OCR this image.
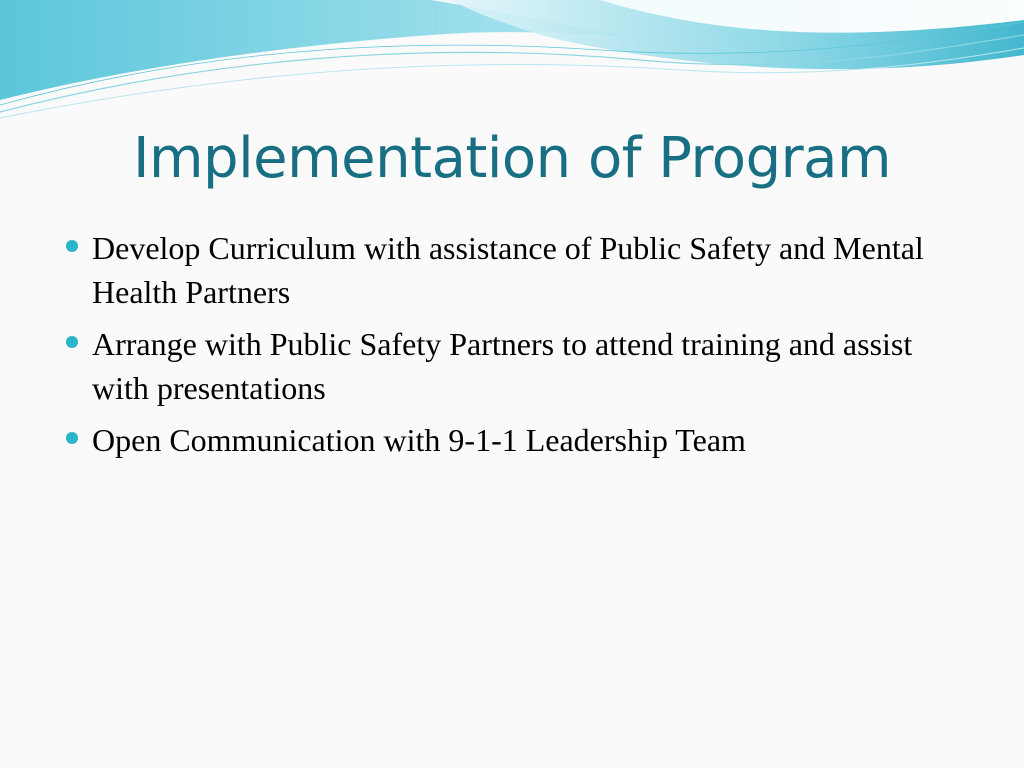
Implementation of Program
Develop Curriculum with assistance of Public Safety and Mental Health Partners
Arrange with Public Safety Partners to attend training and assist with presentations
Open Communication with 9-1-1 Leadership Team
